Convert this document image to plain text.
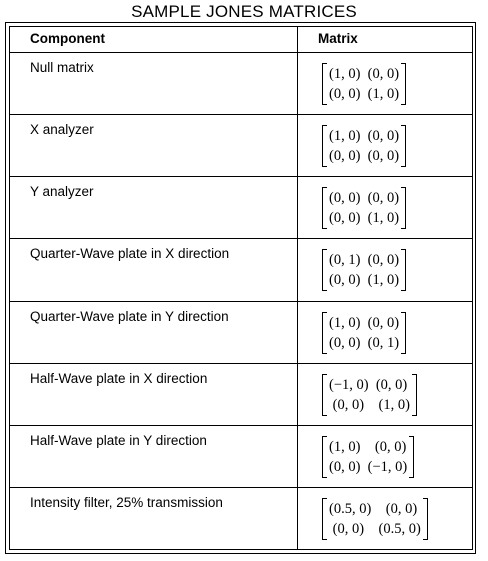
SAMPLE JONES MATRICES
Component	Matrix
Null matrix	(1, 0)  (0, 0)
(0, 0)  (1, 0)

X analyzer	(1, 0)  (0, 0)
(0, 0)  (0, 0)

Y analyzer	(0, 0)  (0, 0)
(0, 0)  (1, 0)

Quarter-Wave plate in X direction	(0, 1)  (0, 0)
(0, 0)  (1, 0)

Quarter-Wave plate in Y direction	(1, 0)  (0, 0)
(0, 0)  (0, 1)

Half-Wave plate in X direction	(−1, 0)  (0, 0)
(0, 0)    (1, 0)

Half-Wave plate in Y direction	(1, 0)    (0, 0)
(0, 0)  (−1, 0)

Intensity filter, 25% transmission	(0.5, 0)    (0, 0)
(0, 0)    (0.5, 0)
